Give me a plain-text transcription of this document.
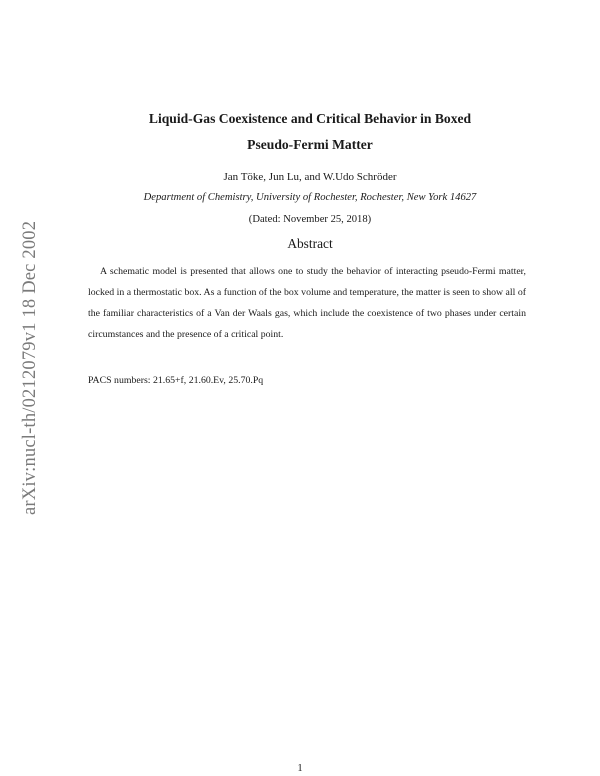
arXiv:nucl-th/0212079v1 18 Dec 2002
Liquid-Gas Coexistence and Critical Behavior in Boxed
Pseudo-Fermi Matter
Jan Töke, Jun Lu, and W.Udo Schröder
Department of Chemistry, University of Rochester, Rochester, New York 14627
(Dated: November 25, 2018)
Abstract

A schematic model is presented that allows one to study the behavior of interacting pseudo-Fermi matter, locked in a thermostatic box. As a function of the box volume and temperature, the matter is seen to show all of the familiar characteristics of a Van der Waals gas, which include the coexistence of two phases under certain circumstances and the presence of a critical point.

PACS numbers: 21.65+f, 21.60.Ev, 25.70.Pq
1
